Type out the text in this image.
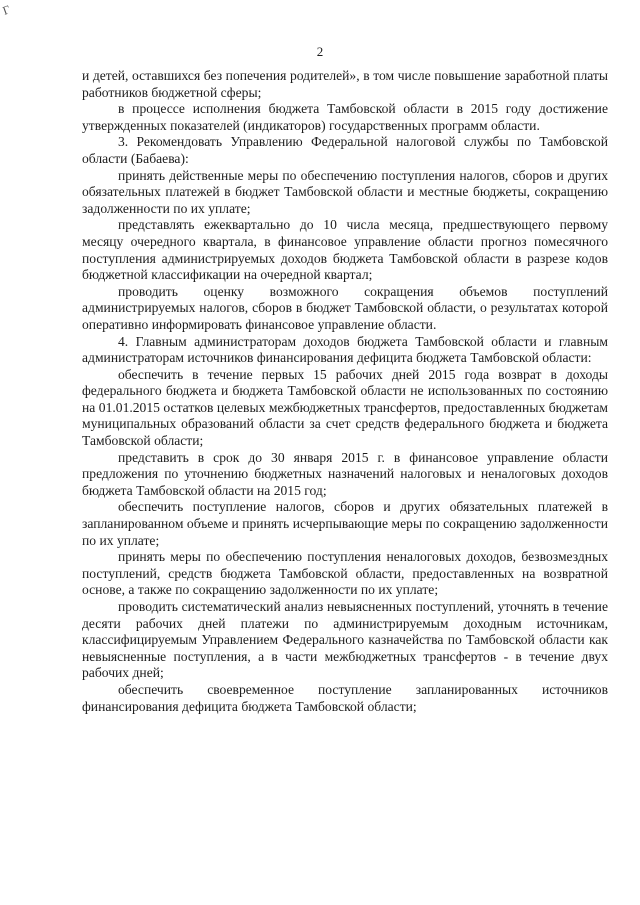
Г
2

и детей, оставшихся без попечения родителей», в том числе повышение заработной платы работников бюджетной сферы;

в процессе исполнения бюджета Тамбовской области в 2015 году достижение утвержденных показателей (индикаторов) государственных программ области.

3. Рекомендовать Управлению Федеральной налоговой службы по Тамбовской области (Бабаева):

принять действенные меры по обеспечению поступления налогов, сборов и других обязательных платежей в бюджет Тамбовской области и местные бюджеты, сокращению задолженности по их уплате;

представлять ежеквартально до 10 числа месяца, предшествующего первому месяцу очередного квартала, в финансовое управление области прогноз помесячного поступления администрируемых доходов бюджета Тамбовской области в разрезе кодов бюджетной классификации на очередной квартал;

проводить оценку возможного сокращения объемов поступлений администрируемых налогов, сборов в бюджет Тамбовской области, о результатах которой оперативно информировать финансовое управление области.

4. Главным администраторам доходов бюджета Тамбовской области и главным администраторам источников финансирования дефицита бюджета Тамбовской области:

обеспечить в течение первых 15 рабочих дней 2015 года возврат в доходы федерального бюджета и бюджета Тамбовской области не использованных по состоянию на 01.01.2015 остатков целевых межбюджетных трансфертов, предоставленных бюджетам муниципальных образований области за счет средств федерального бюджета и бюджета Тамбовской области;

представить в срок до 30 января 2015 г. в финансовое управление области предложения по уточнению бюджетных назначений налоговых и неналоговых доходов бюджета Тамбовской области на 2015 год;

обеспечить поступление налогов, сборов и других обязательных платежей в запланированном объеме и принять исчерпывающие меры по сокращению задолженности по их уплате;

принять меры по обеспечению поступления неналоговых доходов, безвозмездных поступлений, средств бюджета Тамбовской области, предоставленных на возвратной основе, а также по сокращению задолженности по их уплате;

проводить систематический анализ невыясненных поступлений, уточнять в течение десяти рабочих дней платежи по администрируемым доходным источникам, классифицируемым Управлением Федерального казначейства по Тамбовской области как невыясненные поступления, а в части межбюджетных трансфертов - в течение двух рабочих дней;

обеспечить своевременное поступление запланированных источников финансирования дефицита бюджета Тамбовской области;
